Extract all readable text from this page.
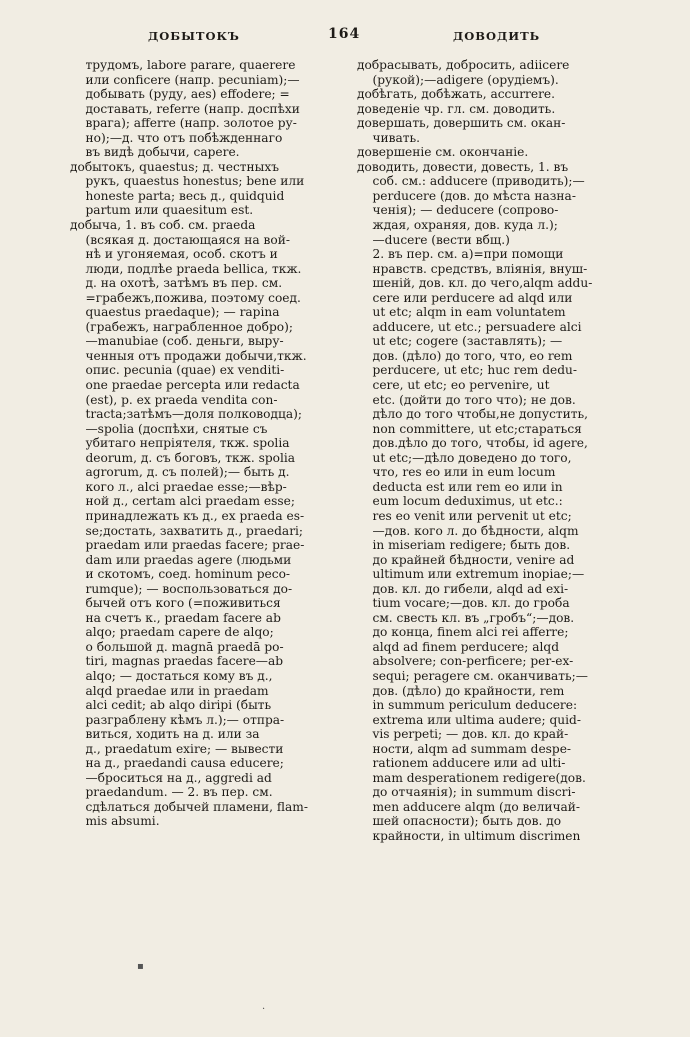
ДОБЫТОКЪ	164	ДОВОДИТЬ
трудомъ, labore parare, quaerere
или conficere (напр. pecuniam);—
добывать (руду, aes) effodere; =
доставать, referre (напр. доспѣхи
врага); afferre (напр. золотое ру-
но);—д. что отъ побѣжденнаго
въ видѣ добычи, capere.
добытокъ, quaestus; д. честныхъ
рукъ, quaestus honestus; bene или
honeste parta; весь д., quidquid
partum или quaesitum est.
добыча, 1. въ соб. см. praeda
(всякая д. достающаяся на вой-
нѣ и угоняемая, особ. скотъ и
люди, подлѣе praeda bellica, ткж.
д. на охотѣ, затѣмъ въ пер. см.
=грабежъ,пожива, поэтому соед.
quaestus praedaque); — rapina
(грабежъ, награбленное добро);
—manubiae (соб. деньги, выру-
ченныя отъ продажи добычи,ткж.
опис. pecunia (quae) ex venditi-
one praedae percepta или redacta
(est), p. ex praeda vendita con-
tracta;затѣмъ—доля полководца);
—spolia (доспѣхи, снятые съ
убитаго непріятеля, ткж. spolia
deorum, д. съ боговъ, ткж. spolia
agrorum, д. съ полей);— быть д.
кого л., alci praedae esse;—вѣр-
ной д., certam alci praedam esse;
принадлежать къ д., ex praeda es-
se;достать, захватить д., praedari;
praedam или praedas facere; prae-
dam или praedas agere (людьми
и скотомъ, соед. hominum peco-
rumque); — воспользоваться до-
бычей отъ кого (=поживиться
на счетъ к., praedam facere ab
alqo; praedam capere de alqo;
о большой д. magnā praedā po-
tiri, magnas praedas facere—ab
alqo; — достаться кому въ д.,
alqd praedae или in praedam
alci cedit; ab alqo diripi (быть
разграблену кѣмъ л.);— отпра-
виться, ходить на д. или за
д., praedatum exire; — вывести
на д., praedandi causa educere;
—броситься на д., aggredi ad
praedandum. — 2. въ пер. см.
сдѣлаться добычей пламени, flam-
mis absumi.
добрасывать, добросить, adiicere
(рукой);—adigere (орудіемъ).
добѣгать, добѣжать, accurrere.
доведеніе чр. гл. см. доводить.
довершать, довершить см. окан-
чивать.
довершеніе см. окончаніе.
доводить, довести, довесть, 1. въ
соб. см.: adducere (приводить);—
perducere (дов. до мѣста назна-
ченія); — deducere (сопрово-
ждая, охраняя, дов. куда л.);
—ducere (вести вбщ.)
2. въ пер. см. а)=при помощи
нравств. средствъ, вліянія, внуш-
шеній, дов. кл. до чего,alqm addu-
cere или perducere ad alqd или
ut etc; alqm in eam voluntatem
adducere, ut etc.; persuadere alci
ut etc; cogere (заставлять); —
дов. (дѣло) до того, что, eo rem
perducere, ut etc; huc rem dedu-
cere, ut etc; eo pervenire, ut
etc. (дойти до того что); не дов.
дѣло до того чтобы,не допустить,
non committere, ut etc;стараться
дов.дѣло до того, чтобы, id agere,
ut etc;—дѣло доведено до того,
что, res eo или in eum locum
deducta est или rem eo или in
eum locum deduximus, ut etc.:
res eo venit или pervenit ut etc;
—дов. кого л. до бѣдности, alqm
in miseriam redigere; быть дов.
до крайней бѣдности, venire ad
ultimum или extremum inopiae;—
дов. кл. до гибели, alqd ad exi-
tium vocare;—дов. кл. до гроба
см. свесть кл. въ „гробъ“;—дов.
до конца, finem alci rei afferre;
alqd ad finem perducere; alqd
absolvere; con-perficere; per-ex-
sequi; peragere см. оканчивать;—
дов. (дѣло) до крайности, rem
in summum periculum deducere:
extrema или ultima audere; quid-
vis perpeti; — дов. кл. до край-
ности, alqm ad summam despe-
rationem adducere или ad ulti-
mam desperationem redigere(дов.
до отчаянія); in summum discri-
men adducere alqm (до величай-
шей опасности); быть дов. до
крайности, in ultimum discrimen
▪
·
